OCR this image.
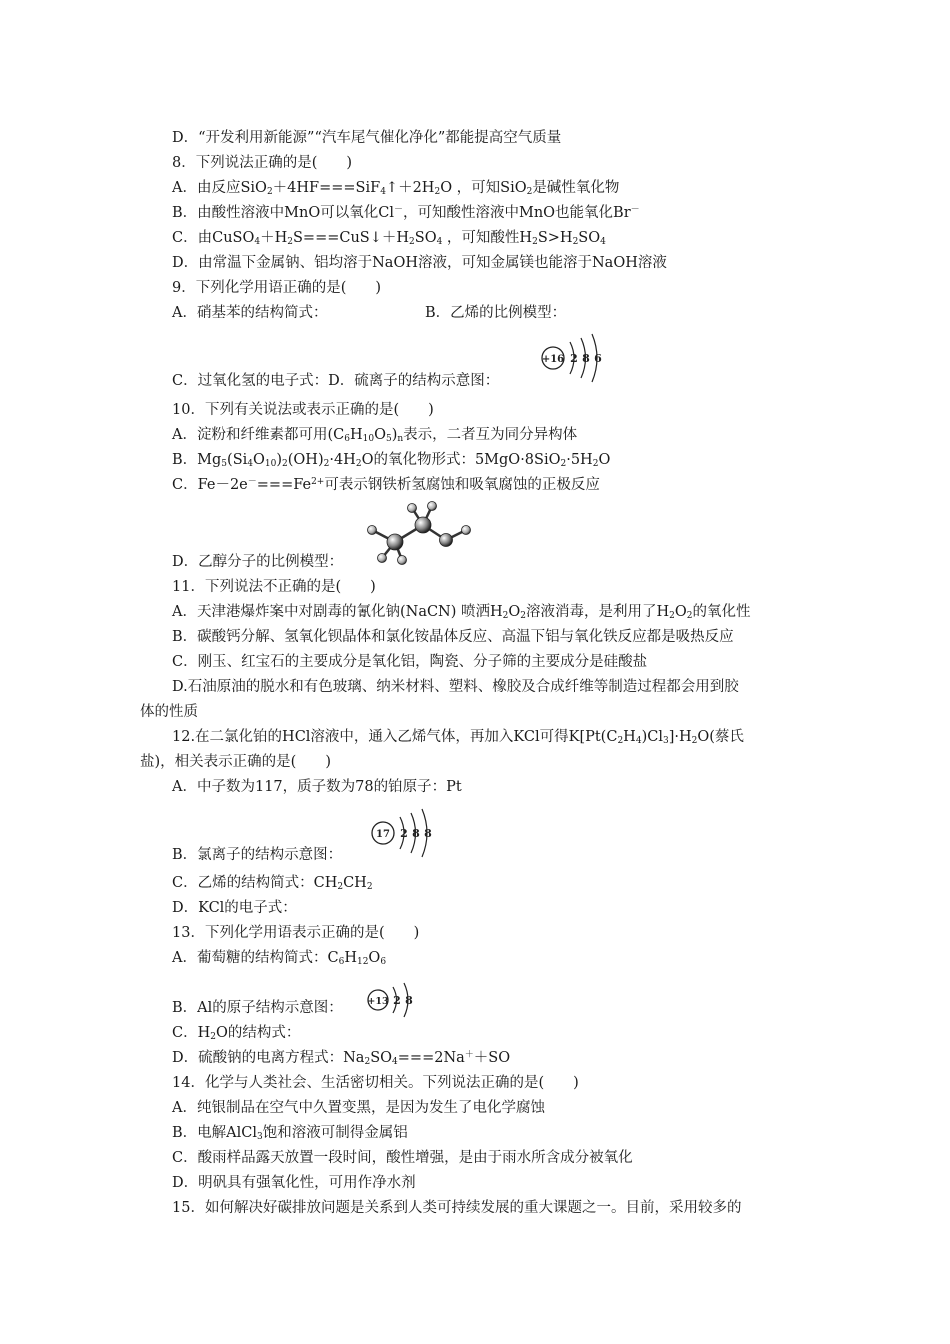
D．“开发利用新能源”“汽车尾气催化净化”都能提高空气质量
8．下列说法正确的是(　　)
A．由反应$SiO_2+4HF===SiF_4↑+2H_2O$ ，可知SiO$_2$是碱性氧化物
B．由酸性溶液中MnO可以氧化Cl－，可知酸性溶液中MnO也能氧化Br－
C．由$CuSO_4+H_2S===CuS↓+H_2SO_4$ ，可知酸性$H_2S>H_2SO_4$
D．由常温下金属钠、铝均溶于NaOH溶液，可知金属镁也能溶于NaOH溶液
9．下列化学用语正确的是(　　)
A．硝基苯的结构简式：	B．乙烯的比例模型：
+16 2 8 6
C．过氧化氢的电子式：D．硫离子的结构示意图：
10．下列有关说法或表示正确的是(　　)
A．淀粉和纤维素都可用$(C_6H_{10}O_5)_n$表示，二者互为同分异构体
B．$Mg_5(Si_4O_{10})_2(OH)_2\cdot 4H_2O$的氧化物形式：$5MgO\cdot 8SiO_2\cdot 5H_2O$
C．$Fe-2e^-===Fe^{2+}$可表示钢铁析氢腐蚀和吸氧腐蚀的正极反应
D．乙醇分子的比例模型：
11．下列说法不正确的是(　　)
A．天津港爆炸案中对剧毒的氰化钠(NaCN) 喷洒$H_2O_2$溶液消毒，是利用了$H_2O_2$的氧化性
B．碳酸钙分解、氢氧化钡晶体和氯化铵晶体反应、高温下铝与氧化铁反应都是吸热反应
C．刚玉、红宝石的主要成分是氧化铝，陶瓷、分子筛的主要成分是硅酸盐
D.石油原油的脱水和有色玻璃、纳米材料、塑料、橡胶及合成纤维等制造过程都会用到胶
体的性质
12.在二氯化铂的HCl溶液中，通入乙烯气体，再加入KCl可得$K[Pt(C_2H_4)Cl_3]\cdot H_2O$(蔡氏
盐)，相关表示正确的是(　　)
A．中子数为117，质子数为78的铂原子：Pt
17 2 8 8
B．氯离子的结构示意图：
C．乙烯的结构简式：$CH_2CH_2$
D．KCl的电子式：
13．下列化学用语表示正确的是(　　)
A．葡萄糖的结构简式：$C_6H_{12}O_6$
+13 2 8
B．Al的原子结构示意图：
C．$H_2O$的结构式：
D．硫酸钠的电离方程式：$Na_2SO_4===2Na^++SO$
14．化学与人类社会、生活密切相关。下列说法正确的是(　　)
A．纯银制品在空气中久置变黑，是因为发生了电化学腐蚀
B．电解AlCl$_3$饱和溶液可制得金属铝
C．酸雨样品露天放置一段时间，酸性增强，是由于雨水所含成分被氧化
D．明矾具有强氧化性，可用作净水剂
15．如何解决好碳排放问题是关系到人类可持续发展的重大课题之一。目前，采用较多的
